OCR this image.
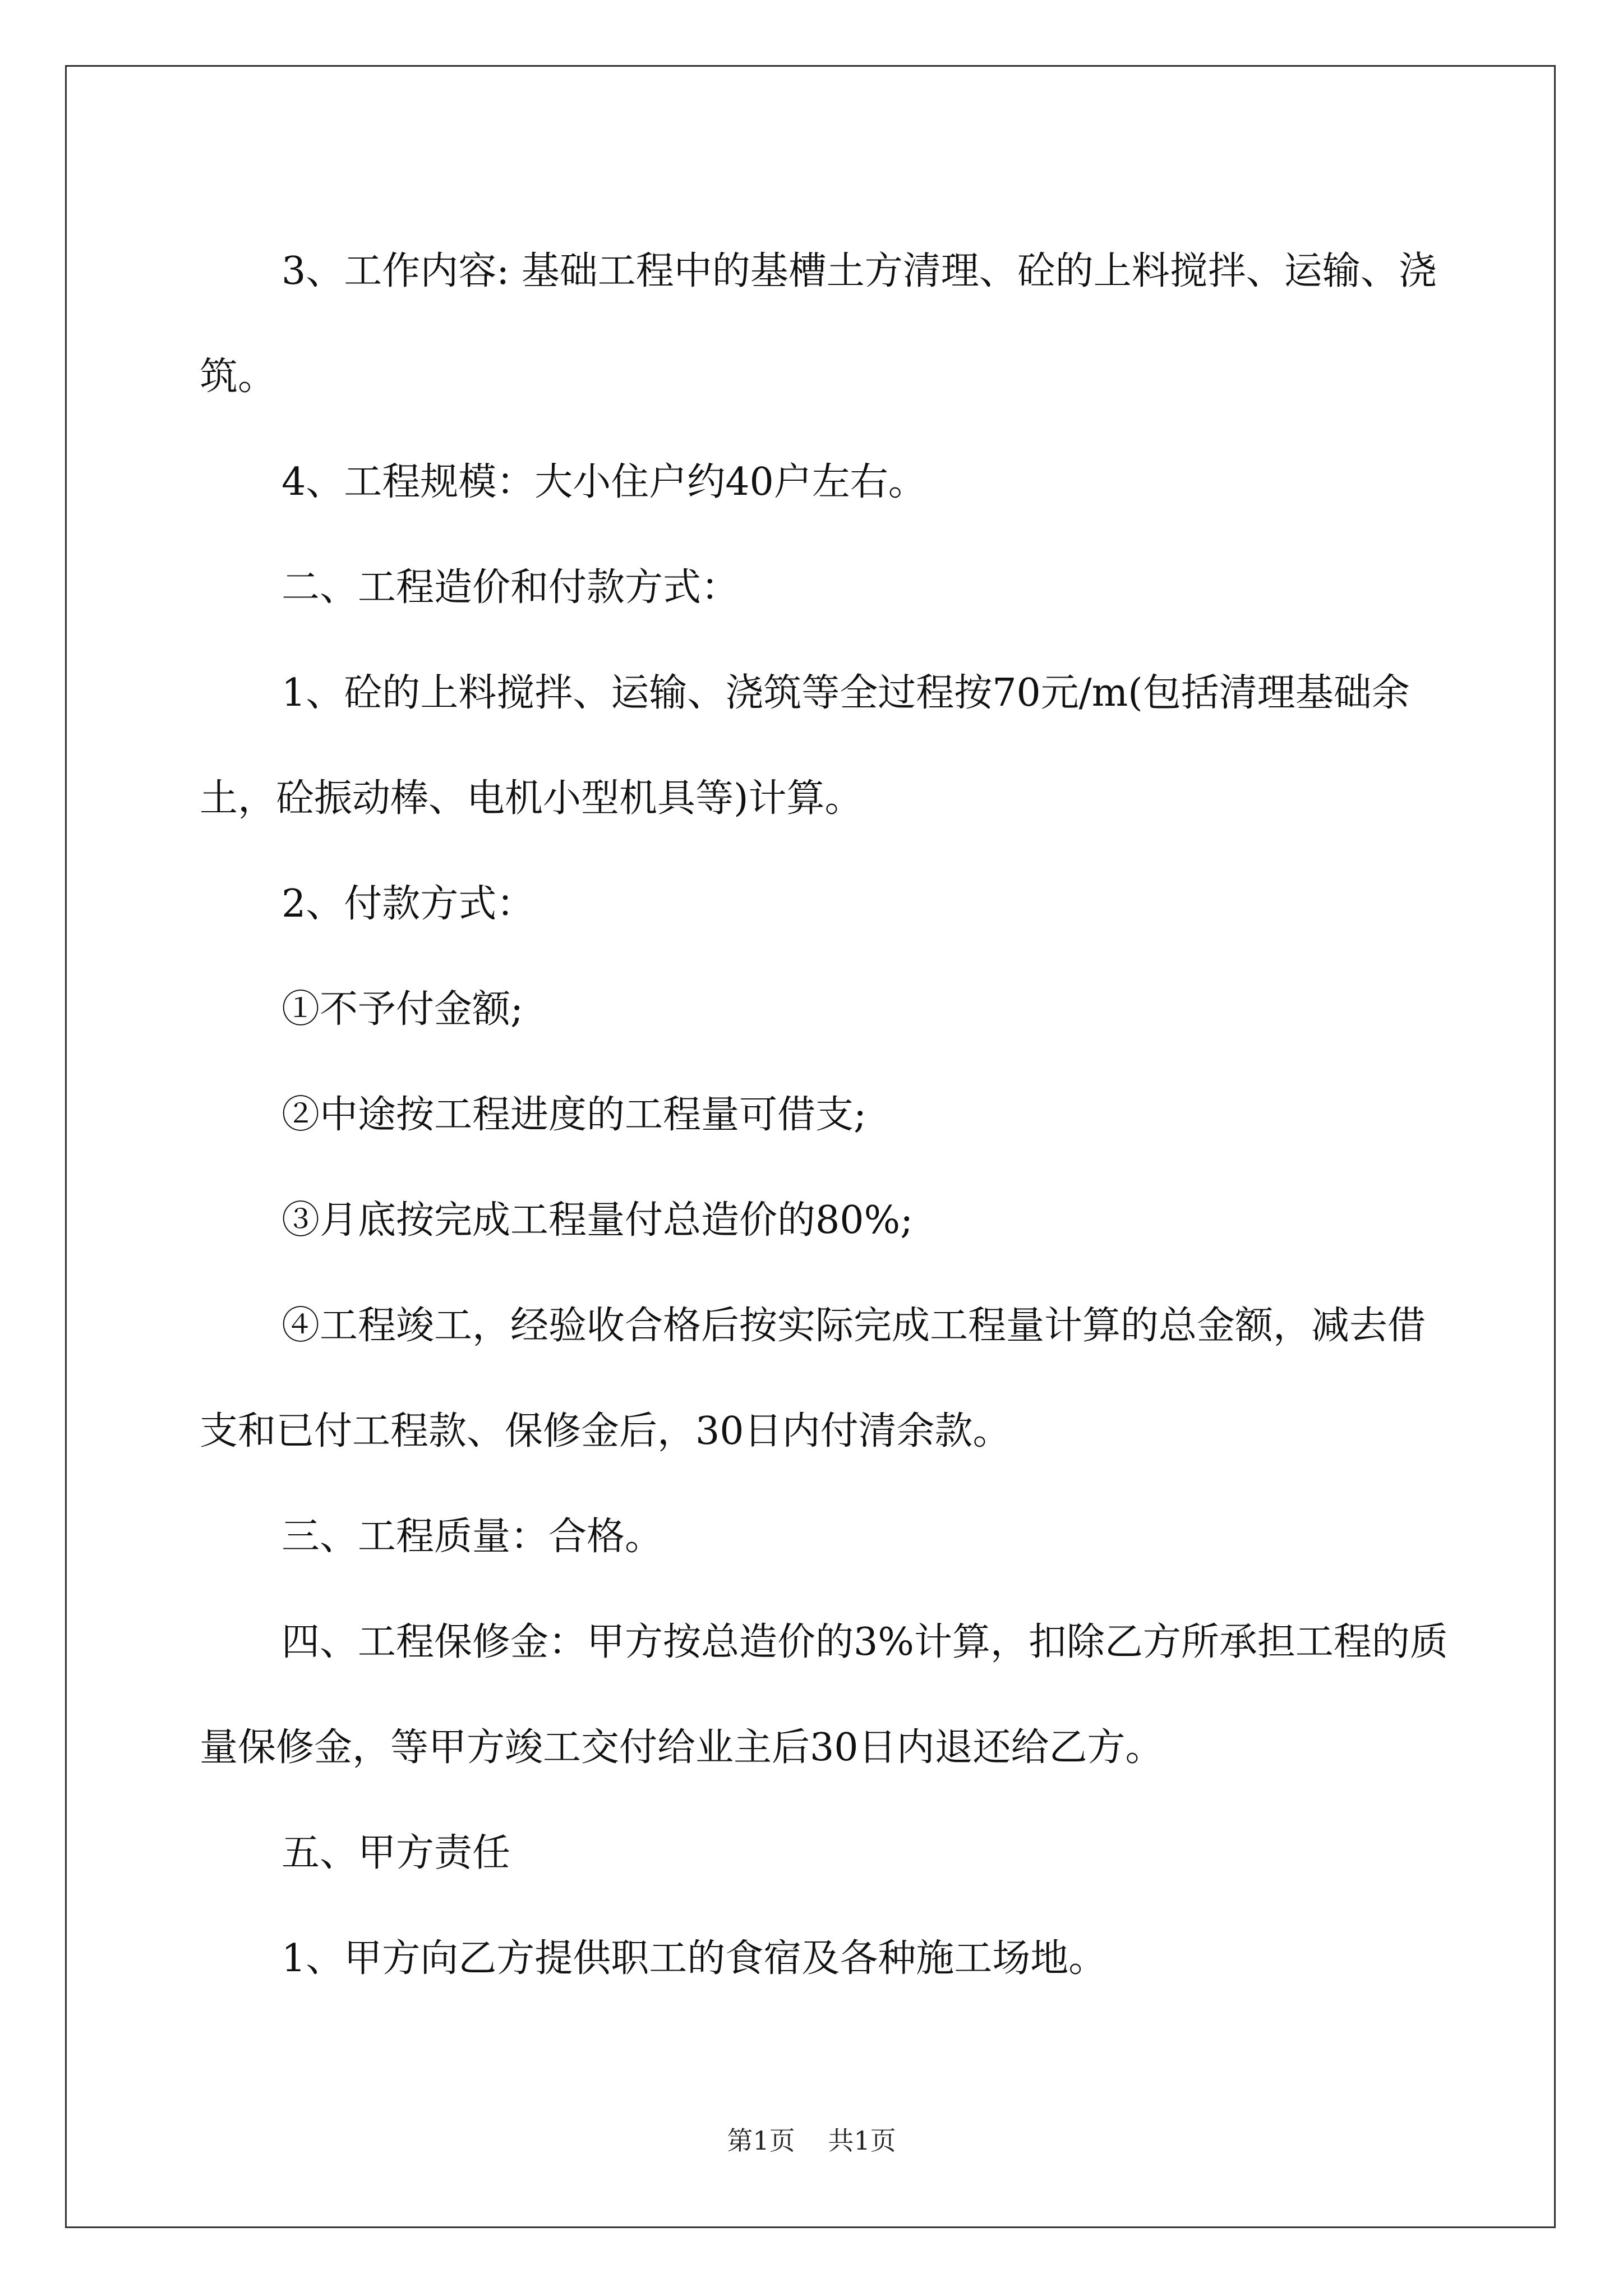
3、工作内容: 基础工程中的基槽土方清理、砼的上料搅拌、运输、浇筑。

4、工程规模：大小住户约40户左右。

二、工程造价和付款方式：

1、砼的上料搅拌、运输、浇筑等全过程按70元/m(包括清理基础余土，砼振动棒、电机小型机具等)计算。

2、付款方式：

①不予付金额;

②中途按工程进度的工程量可借支;

③月底按完成工程量付总造价的80%;

④工程竣工，经验收合格后按实际完成工程量计算的总金额，减去借支和已付工程款、保修金后，30日内付清余款。

三、工程质量：合格。

四、工程保修金：甲方按总造价的3%计算，扣除乙方所承担工程的质量保修金，等甲方竣工交付给业主后30日内退还给乙方。

五、甲方责任

1、甲方向乙方提供职工的食宿及各种施工场地。

第1页 共1页
